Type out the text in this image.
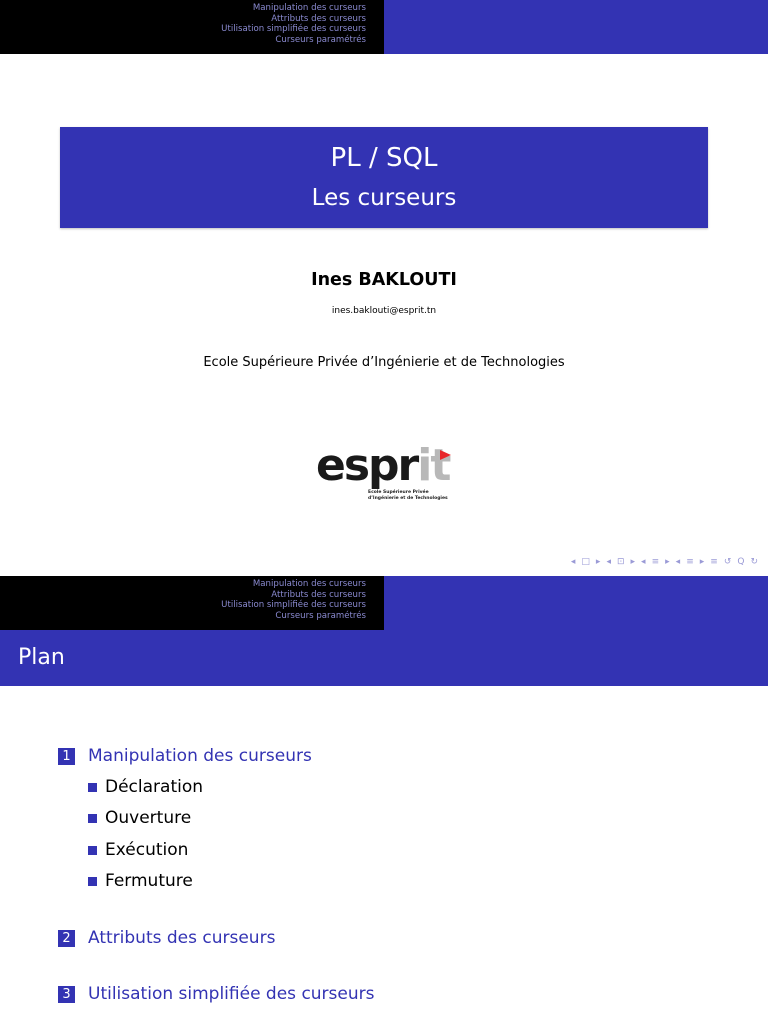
Manipulation des curseurs
Attributs des curseurs
Utilisation simplifiée des curseurs
Curseurs paramétrés
PL / SQL
Les curseurs
Ines BAKLOUTI
ines.baklouti@esprit.tn
Ecole Supérieure Privée d’Ingénierie et de Technologies
esprit
Ecole Supérieure Privée
d’Ingénierie et de Technologies
◂ □ ▸ ◂ ⊡ ▸ ◂ ≡ ▸ ◂ ≡ ▸ ≡ ↺ Q ↻
Manipulation des curseurs
Attributs des curseurs
Utilisation simplifiée des curseurs
Curseurs paramétrés
Plan
1 Manipulation des curseurs
Déclaration
Ouverture
Exécution
Fermuture
2 Attributs des curseurs
3 Utilisation simplifiée des curseurs
